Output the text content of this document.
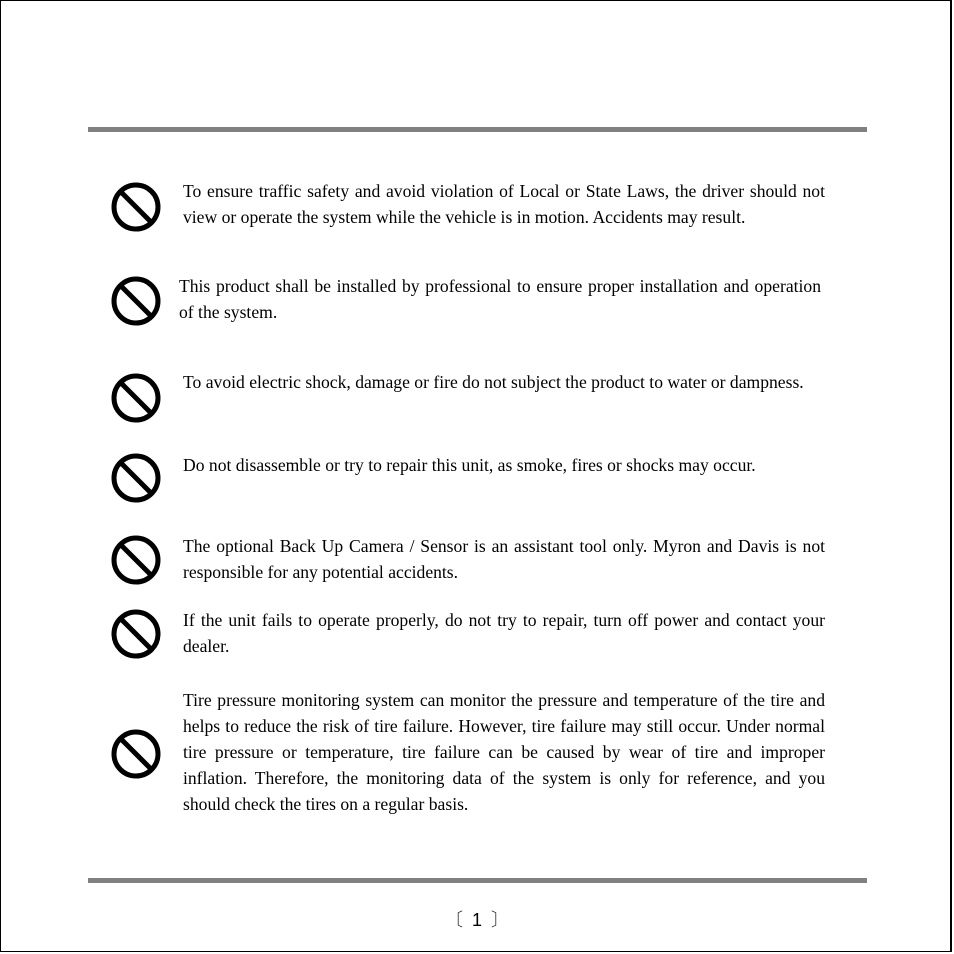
To ensure traffic safety and avoid violation of Local or State Laws, the driver should not view or operate the system while the vehicle is in motion. Accidents may result.
This product shall be installed by professional to ensure proper installation and operation of the system.
To avoid electric shock, damage or fire do not subject the product to water or dampness.
Do not disassemble or try to repair this unit, as smoke, fires or shocks may occur.
The optional Back Up Camera / Sensor is an assistant tool only. Myron and Davis is not responsible for any potential accidents.
If the unit fails to operate properly, do not try to repair, turn off power and contact your dealer.
Tire pressure monitoring system can monitor the pressure and temperature of the tire and helps to reduce the risk of tire failure. However, tire failure may still occur. Under normal tire pressure or temperature, tire failure can be caused by wear of tire and improper inflation. Therefore, the monitoring data of the system is only for reference, and you should check the tires on a regular basis.
〔 1 〕
